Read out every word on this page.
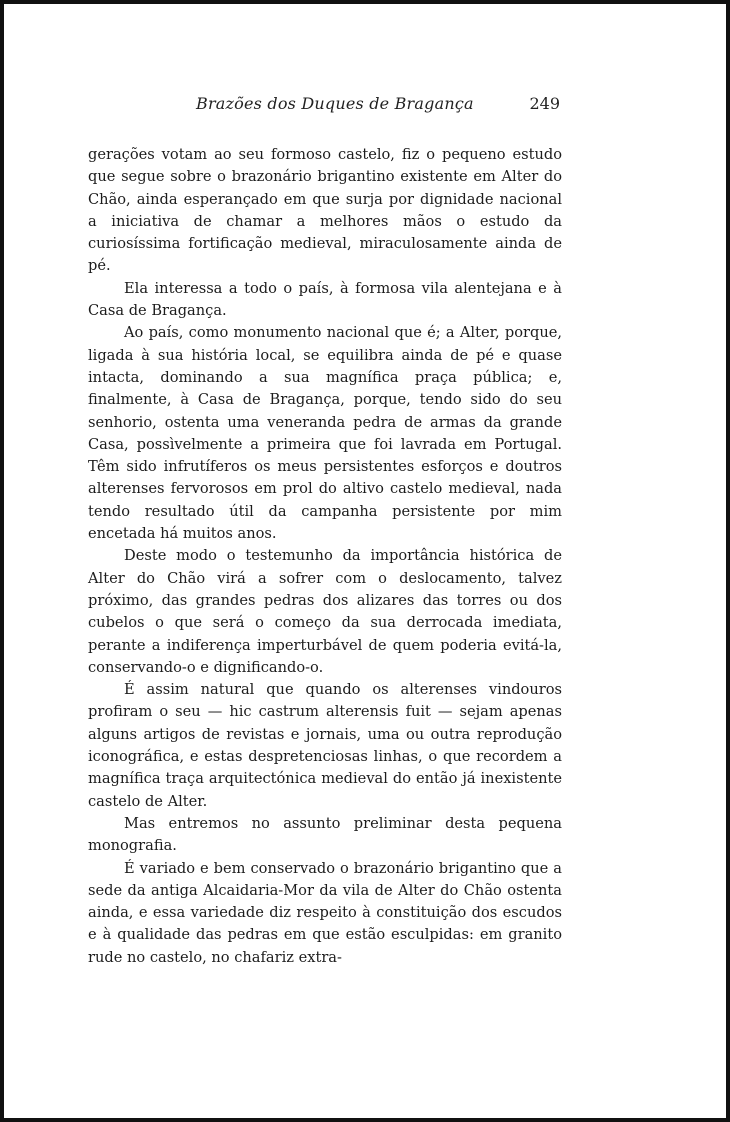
Brazões dos Duques de Bragança	249

gerações votam ao seu formoso castelo, fiz o pequeno estudo que segue sobre o brazonário brigantino existente em Alter do Chão, ainda esperançado em que surja por dignidade nacional a iniciativa de chamar a melhores mãos o estudo da curiosíssima fortificação medieval, miraculosamente ainda de pé.

Ela interessa a todo o país, à formosa vila alentejana e à Casa de Bragança.

Ao país, como monumento nacional que é; a Alter, porque, ligada à sua história local, se equilibra ainda de pé e quase intacta, dominando a sua magnífica praça pública; e, finalmente, à Casa de Bragança, porque, tendo sido do seu senhorio, ostenta uma veneranda pedra de armas da grande Casa, possìvelmente a primeira que foi lavrada em Portugal. Têm sido infrutíferos os meus persistentes esforços e doutros alterenses fervorosos em prol do altivo castelo medieval, nada tendo resultado útil da campanha persistente por mim encetada há muitos anos.

Deste modo o testemunho da importância histórica de Alter do Chão virá a sofrer com o deslocamento, talvez próximo, das grandes pedras dos alizares das torres ou dos cubelos o que será o começo da sua derrocada imediata, perante a indiferença imperturbável de quem poderia evitá-la, conservando-o e dignificando-o.

É assim natural que quando os alterenses vindouros profiram o seu — hic castrum alterensis fuit — sejam apenas alguns artigos de revistas e jornais, uma ou outra reprodução iconográfica, e estas despretenciosas linhas, o que recordem a magnífica traça arquitectónica medieval do então já inexistente castelo de Alter.

Mas entremos no assunto preliminar desta pequena monografia.

É variado e bem conservado o brazonário brigantino que a sede da antiga Alcaidaria-Mor da vila de Alter do Chão ostenta ainda, e essa variedade diz respeito à constituição dos escudos e à qualidade das pedras em que estão esculpidas: em granito rude no castelo, no chafariz extra-
